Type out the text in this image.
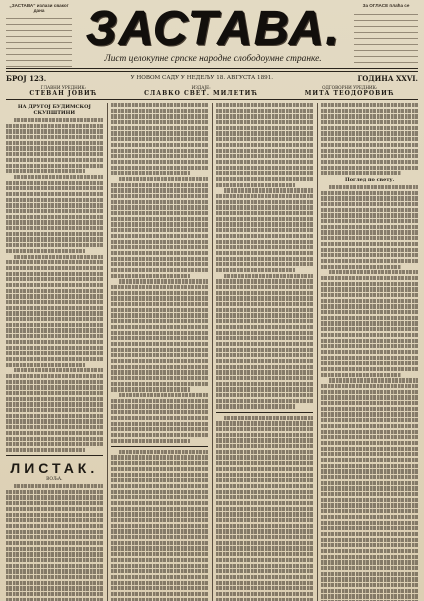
„ЗАСТАВА“ излази сваког дана ЗАСТАВА.
Лист целокупне српске народне слободоумне странке.
За ОГЛАСЕ плаћа се
БРОЈ 123.	У НОВОМ САДУ У НЕДЕЉУ 18. АВГУСТА 1891.	ГОДИНА XXVI.
ГЛАВНИ УРЕДНИК:
СТЕВАН ЈОВИЋ
ИЗДАЈЕ:
СЛАВКО СВЕТ. МИЛЕТИЋ
ОДГОВОРНИ УРЕДНИК:
МИТА ТЕОДОРОВИЋ
НА ДРУГОЈ БУДИМСКОЈ СКУПШТИНИ
ЛИСТАК.
ВОЉА.
Поглед по свету.
